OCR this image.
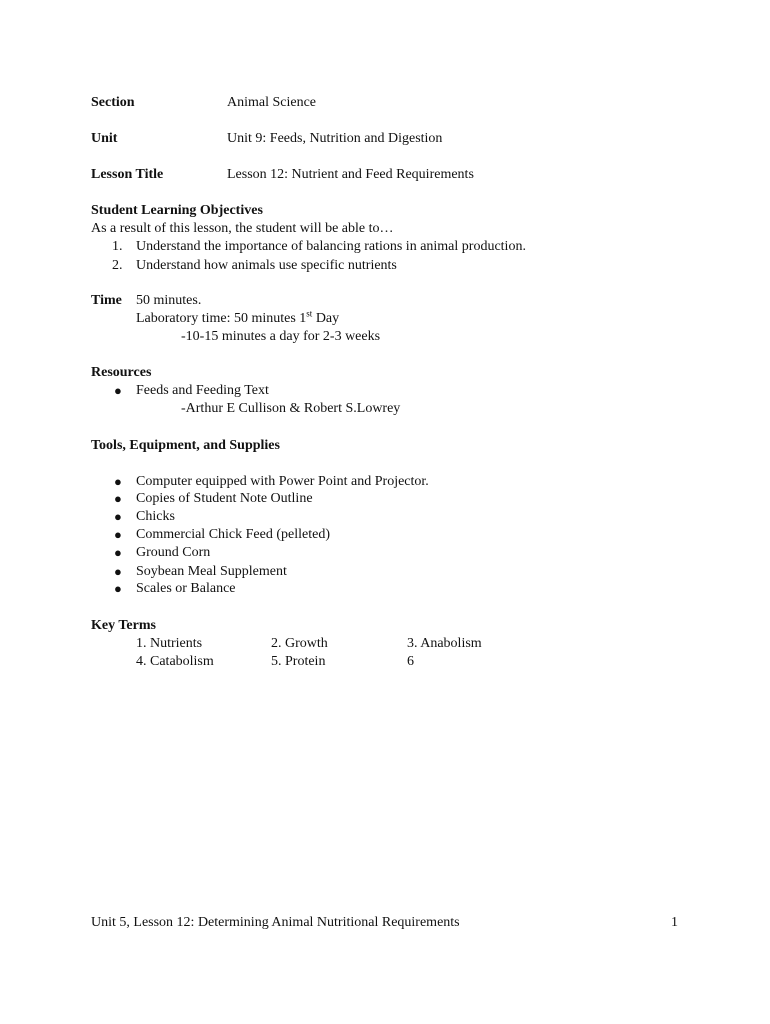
Section	Animal Science
Unit	Unit 9: Feeds, Nutrition and Digestion
Lesson Title	Lesson 12: Nutrient and Feed Requirements
Student Learning Objectives
As a result of this lesson, the student will be able to…
1. Understand the importance of balancing rations in animal production.
2. Understand how animals use specific nutrients
Time 50 minutes.
Laboratory time: 50 minutes 1st Day
-10-15 minutes a day for 2-3 weeks
Resources
● Feeds and Feeding Text
-Arthur E Cullison & Robert S.Lowrey
Tools, Equipment, and Supplies
● Computer equipped with Power Point and Projector.
● Copies of Student Note Outline
● Chicks
● Commercial Chick Feed (pelleted)
● Ground Corn
● Soybean Meal Supplement
● Scales or Balance
Key Terms
1. Nutrients	2. Growth	3. Anabolism
4. Catabolism	5. Protein	6
Unit 5, Lesson 12: Determining Animal Nutritional Requirements	1
